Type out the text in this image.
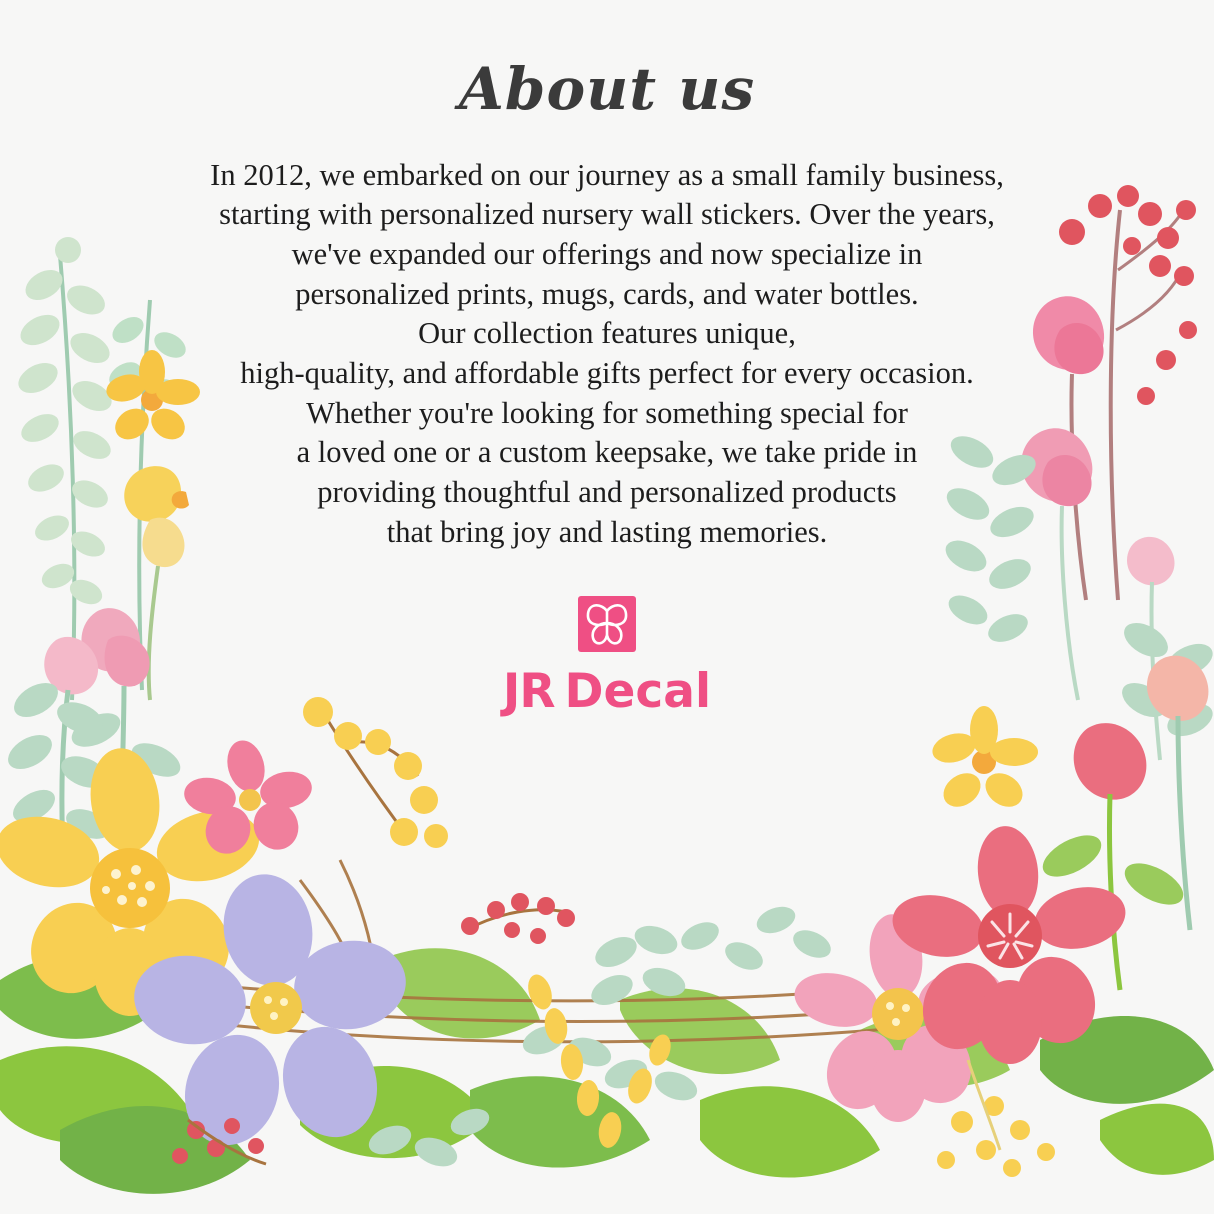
About us
In 2012, we embarked on our journey as a small family business,
starting with personalized nursery wall stickers. Over the years,
we've expanded our offerings and now specialize in
personalized prints, mugs, cards, and water bottles.
Our collection features unique,
high-quality, and affordable gifts perfect for every occasion.
Whether you're looking for something special for
a loved one or a custom keepsake, we take pride in
providing thoughtful and personalized products
that bring joy and lasting memories.
JR Decal
